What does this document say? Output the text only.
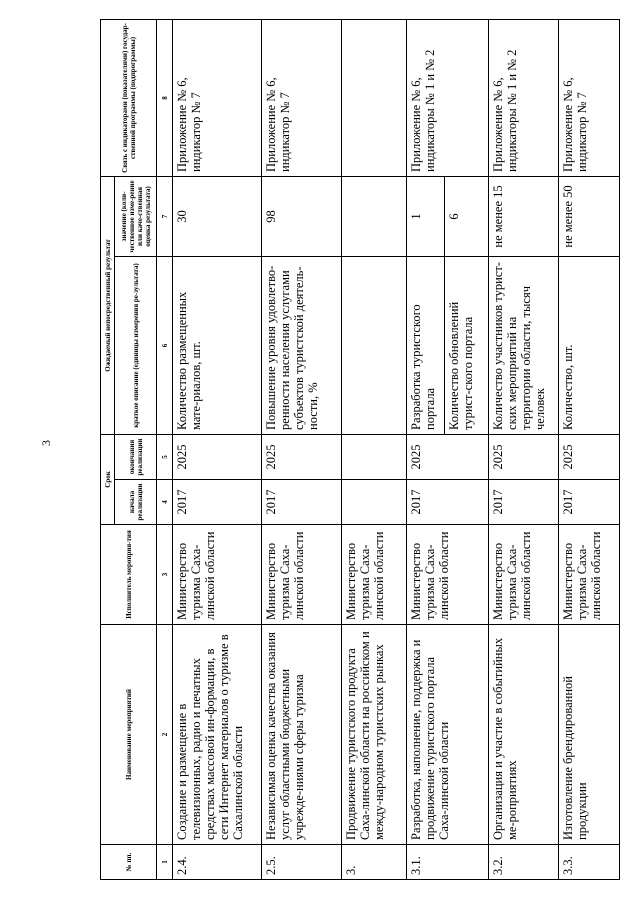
3
№ пп.	Наименование мероприятий	Исполнитель мероприя-тия	Срок		Ожидаемый непосредственный результат		Связь с индикаторами (показателями) государ-ственной программы (подпрограммы)
			начала реализации	окончания реализации	краткое описание (единицы измерения ре-зультата)	значение (коли-чественное изме-рение или каче-ственная оценка результата)	
1	2	3	4	5	6	7	8
2.4.	Создание и размещение в телевизионных, радио и печатных средствах массовой ин-формации, в сети Интернет материалов о туризме в Сахалинской области	Министерство туризма Саха-линской области	2017	2025	Количество размещенных мате-риалов, шт.	30	Приложение № 6, индикатор № 7
2.5.	Независимая оценка качества оказания услуг областными бюджетными учрежде-ниями сферы туризма	Министерство туризма Саха-линской области	2017	2025	Повышение уровня удовлетво-ренности населения услугами субъектов туристской деятель-ности, %	98	Приложение № 6, индикатор № 7
3.	Продвижение туристского продукта Саха-линской области на российском и между-народном туристских рынках	Министерство туризма Саха-линской области					
3.1.	Разработка, наполнение, поддержка и продвижение туристского портала Саха-линской области	Министерство туризма Саха-линской области	2017	2025	Разработка туристского портала	1	Приложение № 6, индикаторы № 1 и № 2
					Количество обновлений турист-ского портала	6	
3.2.	Организация и участие в событийных ме-роприятиях	Министерство туризма Саха-линской области	2017	2025	Количество участников турист-ских мероприятий на территории области, тысяч человек	не менее 15	Приложение № 6, индикаторы № 1 и № 2
3.3.	Изготовление брендированной продукции	Министерство туризма Саха-линской области	2017	2025	Количество, шт.	не менее 50	Приложение № 6, индикатор № 7
